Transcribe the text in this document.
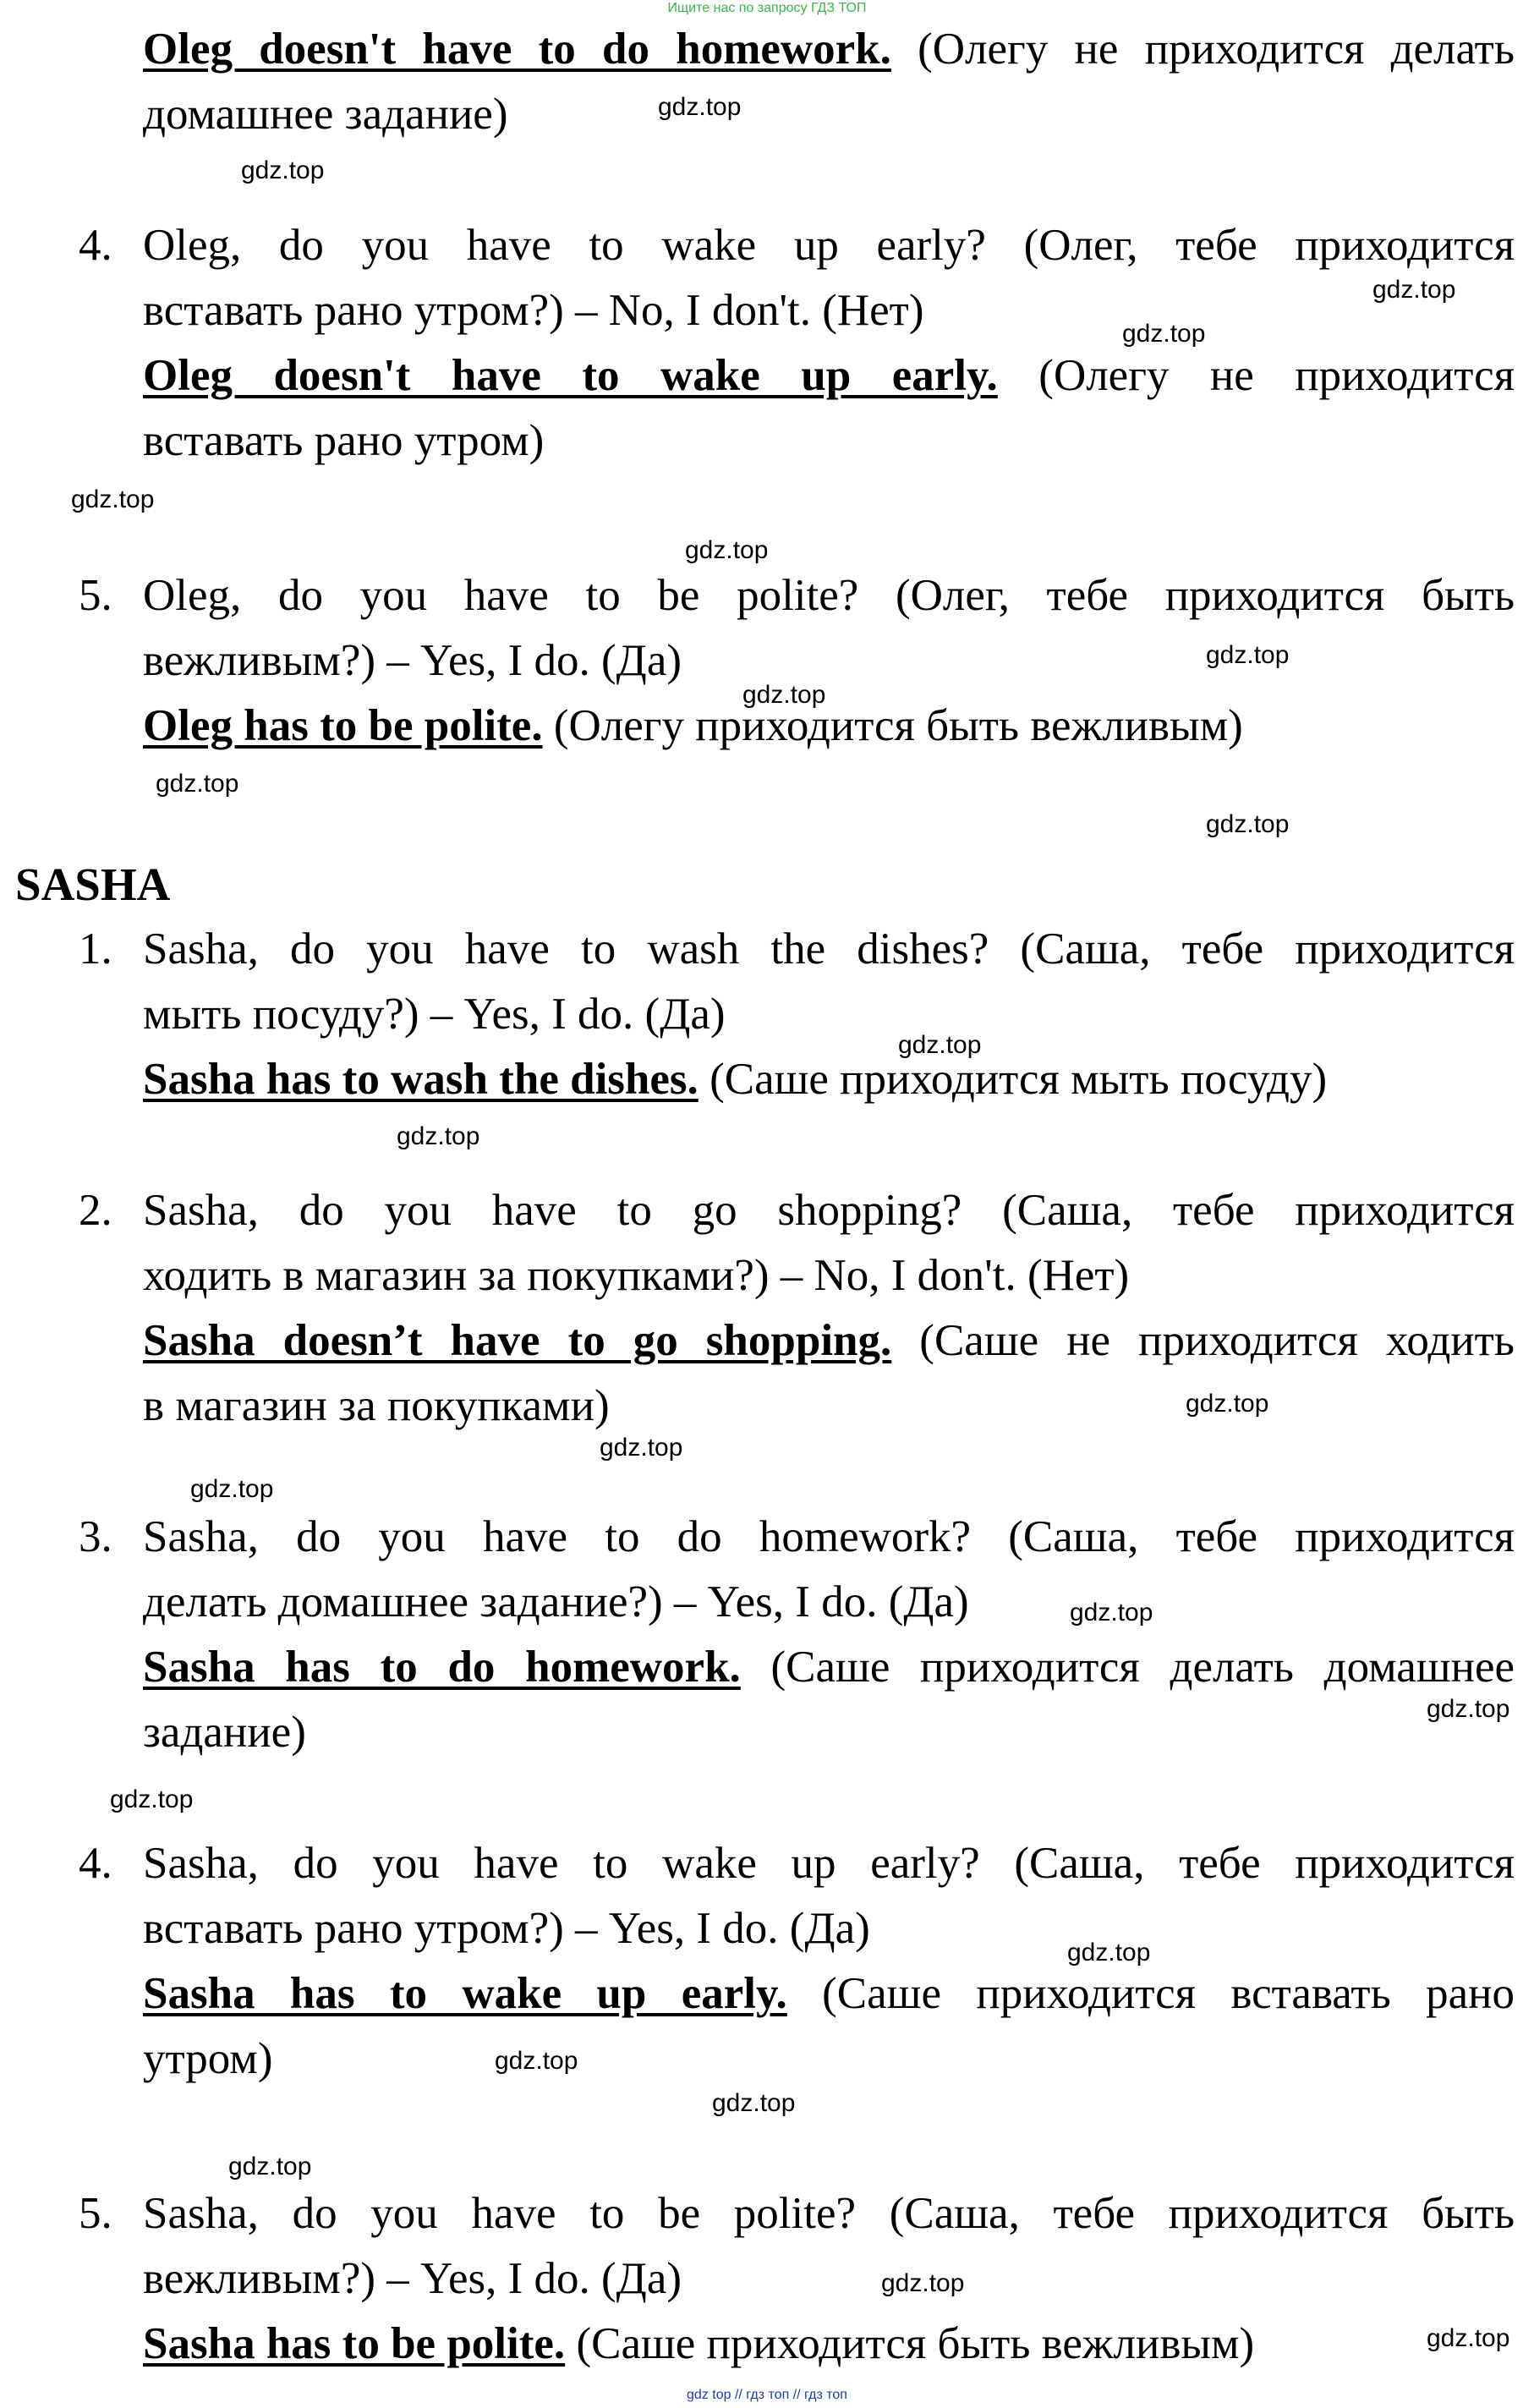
Ищите нас по запросу ГДЗ ТОП
Oleg doesn't have to do homework. (Олегу не приходится делать
домашнее задание)
4. Oleg, do you have to wake up early? (Олег, тебе приходится
вставать рано утром?) – No, I don't. (Нет)
Oleg doesn't have to wake up early. (Олегу не приходится
вставать рано утром)
5. Oleg, do you have to be polite? (Олег, тебе приходится быть
вежливым?) – Yes, I do. (Да)
Oleg has to be polite. (Олегу приходится быть вежливым)
SASHA
1. Sasha, do you have to wash the dishes? (Саша, тебе приходится
мыть посуду?) – Yes, I do. (Да)
Sasha has to wash the dishes. (Саше приходится мыть посуду)
2. Sasha, do you have to go shopping? (Саша, тебе приходится
ходить в магазин за покупками?) – No, I don't. (Нет)
Sasha doesn’t have to go shopping. (Саше не приходится ходить
в магазин за покупками)
3. Sasha, do you have to do homework? (Саша, тебе приходится
делать домашнее задание?) – Yes, I do. (Да)
Sasha has to do homework. (Саше приходится делать домашнее
задание)
4. Sasha, do you have to wake up early? (Саша, тебе приходится
вставать рано утром?) – Yes, I do. (Да)
Sasha has to wake up early. (Саше приходится вставать рано
утром)
5. Sasha, do you have to be polite? (Саша, тебе приходится быть
вежливым?) – Yes, I do. (Да)
Sasha has to be polite. (Саше приходится быть вежливым)
gdz.top
gdz.top
gdz.top
gdz.top
gdz.top
gdz.top
gdz.top
gdz.top
gdz.top
gdz.top
gdz.top
gdz.top
gdz.top
gdz.top
gdz.top
gdz.top
gdz.top
gdz.top
gdz.top
gdz.top
gdz.top
gdz.top
gdz.top
gdz.top
gdz top // гдз топ // гдз топ
